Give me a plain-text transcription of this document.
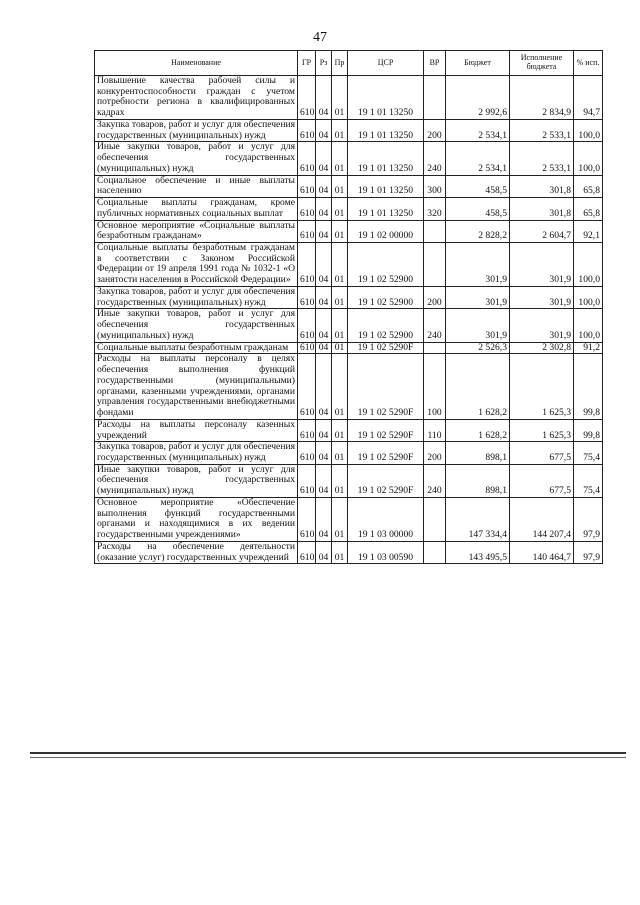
47
Наименование	ГР	Рз	Пр	ЦСР	ВР	Бюджет	Исполнение бюджета	% исп.
Повышение качества рабочей силы и конкурентоспособности граждан с учетом потребности региона в квалифицированных кадрах	610	04	01	19 1 01 13250		2 992,6	2 834,9	94,7
Закупка товаров, работ и услуг для обеспечения государственных (муниципальных) нужд	610	04	01	19 1 01 13250	200	2 534,1	2 533,1	100,0
Иные закупки товаров, работ и услуг для обеспечения государственных (муниципальных) нужд	610	04	01	19 1 01 13250	240	2 534,1	2 533,1	100,0
Социальное обеспечение и иные выплаты населению	610	04	01	19 1 01 13250	300	458,5	301,8	65,8
Социальные выплаты гражданам, кроме публичных нормативных социальных выплат	610	04	01	19 1 01 13250	320	458,5	301,8	65,8
Основное мероприятие «Социальные выплаты безработным гражданам»	610	04	01	19 1 02 00000		2 828,2	2 604,7	92,1
Социальные выплаты безработным гражданам в соответствии с Законом Российской Федерации от 19 апреля 1991 года № 1032-1 «О занятости населения в Российской Федерации»	610	04	01	19 1 02 52900		301,9	301,9	100,0
Закупка товаров, работ и услуг для обеспечения государственных (муниципальных) нужд	610	04	01	19 1 02 52900	200	301,9	301,9	100,0
Иные закупки товаров, работ и услуг для обеспечения государственных (муниципальных) нужд	610	04	01	19 1 02 52900	240	301,9	301,9	100,0
Социальные выплаты безработным гражданам	610	04	01	19 1 02 5290F		2 526,3	2 302,8	91,2
Расходы на выплаты персоналу в целях обеспечения выполнения функций государственными (муниципальными) органами, казенными учреждениями, органами управления государственными внебюджетными фондами	610	04	01	19 1 02 5290F	100	1 628,2	1 625,3	99,8
Расходы на выплаты персоналу казенных учреждений	610	04	01	19 1 02 5290F	110	1 628,2	1 625,3	99,8
Закупка товаров, работ и услуг для обеспечения государственных (муниципальных) нужд	610	04	01	19 1 02 5290F	200	898,1	677,5	75,4
Иные закупки товаров, работ и услуг для обеспечения государственных (муниципальных) нужд	610	04	01	19 1 02 5290F	240	898,1	677,5	75,4
Основное мероприятие «Обеспечение выполнения функций государственными органами и находящимися в их ведении государственными учреждениями»	610	04	01	19 1 03 00000		147 334,4	144 207,4	97,9
Расходы на обеспечение деятельности (оказание услуг) государственных учреждений	610	04	01	19 1 03 00590		143 495,5	140 464,7	97,9
